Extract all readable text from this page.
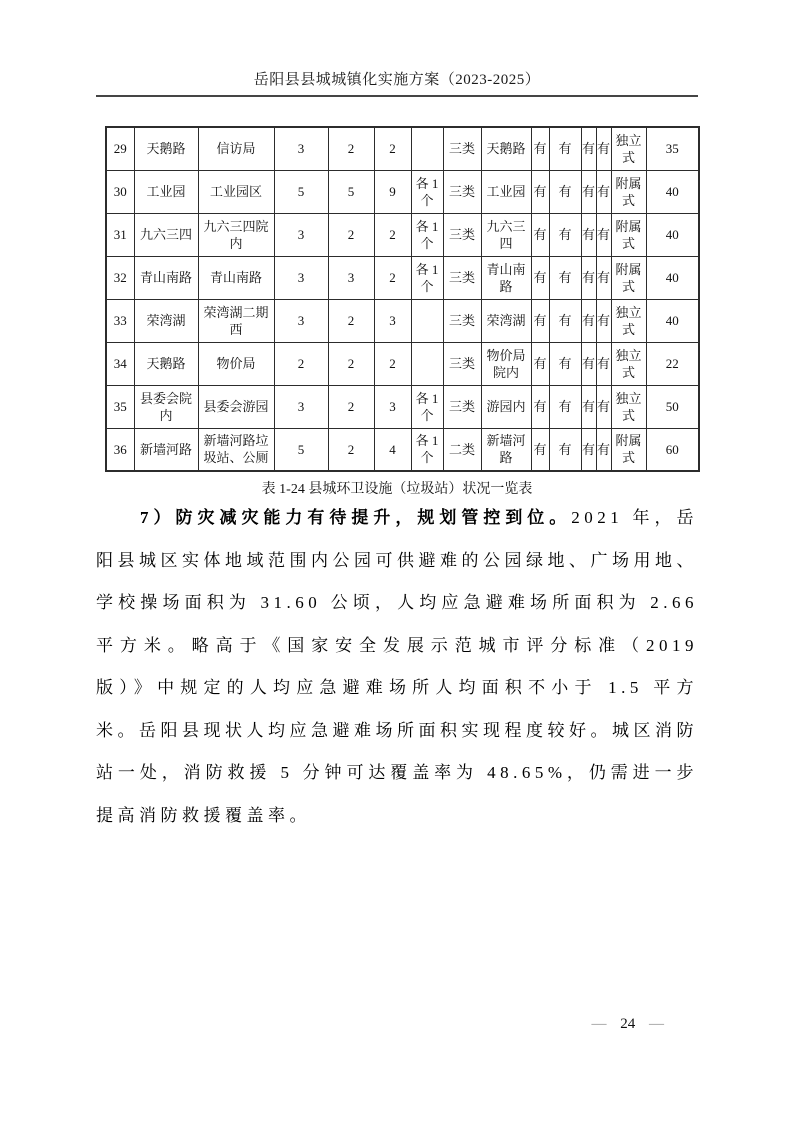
岳阳县县城城镇化实施方案（2023-2025）
29	天鹅路	信访局	3	2	2		三类	天鹅路	有	有	有	有	独立式	35
30	工业园	工业园区	5	5	9	各 1 个	三类	工业园	有	有	有	有	附属式	40
31	九六三四	九六三四院内	3	2	2	各 1 个	三类	九六三四	有	有	有	有	附属式	40
32	青山南路	青山南路	3	3	2	各 1 个	三类	青山南路	有	有	有	有	附属式	40
33	荣湾湖	荣湾湖二期西	3	2	3		三类	荣湾湖	有	有	有	有	独立式	40
34	天鹅路	物价局	2	2	2		三类	物价局院内	有	有	有	有	独立式	22
35	县委会院内	县委会游园	3	2	3	各 1 个	三类	游园内	有	有	有	有	独立式	50
36	新墙河路	新墙河路垃圾站、公厕	5	2	4	各 1 个	二类	新墙河路	有	有	有	有	附属式	60
表 1-24 县城环卫设施（垃圾站）状况一览表

7）防灾减灾能力有待提升，规划管控到位。2021 年，岳阳县城区实体地域范围内公园可供避难的公园绿地、广场用地、学校操场面积为 31.60 公顷，人均应急避难场所面积为 2.66 平方米。略高于《国家安全发展示范城市评分标准（2019 版）》中规定的人均应急避难场所人均面积不小于 1.5 平方米。岳阳县现状人均应急避难场所面积实现程度较好。城区消防站一处，消防救援 5 分钟可达覆盖率为 48.65%，仍需进一步提高消防救援覆盖率。

— 24 —
